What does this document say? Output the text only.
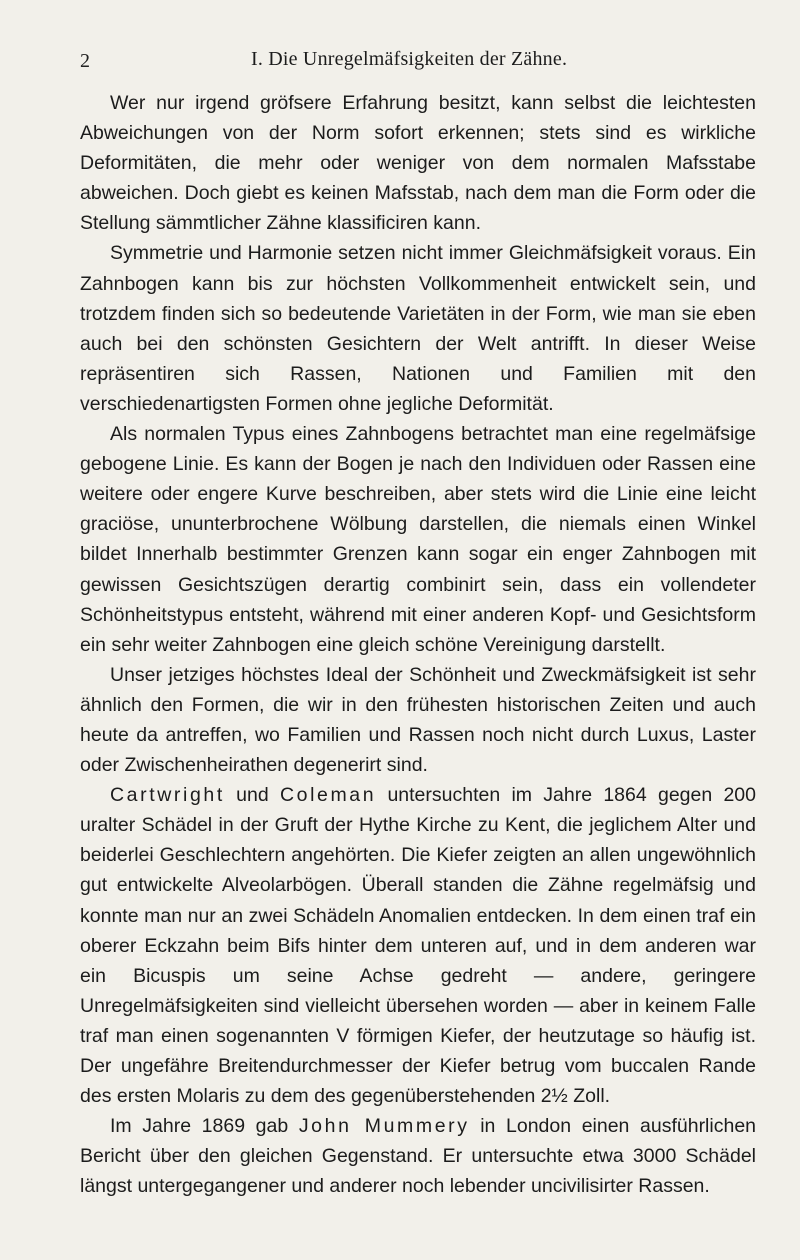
2	I. Die Unregelmäfsigkeiten der Zähne.

Wer nur irgend gröfsere Erfahrung besitzt, kann selbst die leichtesten Abweichungen von der Norm sofort erkennen; stets sind es wirkliche Deformitäten, die mehr oder weniger von dem normalen Mafsstabe abweichen. Doch giebt es keinen Mafsstab, nach dem man die Form oder die Stellung sämmtlicher Zähne klassificiren kann.

Symmetrie und Harmonie setzen nicht immer Gleichmäfsigkeit voraus. Ein Zahnbogen kann bis zur höchsten Vollkommenheit entwickelt sein, und trotzdem finden sich so bedeutende Varietäten in der Form, wie man sie eben auch bei den schönsten Gesichtern der Welt antrifft. In dieser Weise repräsentiren sich Rassen, Nationen und Familien mit den verschiedenartigsten Formen ohne jegliche Deformität.

Als normalen Typus eines Zahnbogens betrachtet man eine regelmäfsige gebogene Linie. Es kann der Bogen je nach den Individuen oder Rassen eine weitere oder engere Kurve beschreiben, aber stets wird die Linie eine leicht graciöse, ununterbrochene Wölbung darstellen, die niemals einen Winkel bildet Innerhalb bestimmter Grenzen kann sogar ein enger Zahnbogen mit gewissen Gesichtszügen derartig combinirt sein, dass ein vollendeter Schönheitstypus entsteht, während mit einer anderen Kopf- und Gesichtsform ein sehr weiter Zahnbogen eine gleich schöne Vereinigung darstellt.

Unser jetziges höchstes Ideal der Schönheit und Zweckmäfsigkeit ist sehr ähnlich den Formen, die wir in den frühesten historischen Zeiten und auch heute da antreffen, wo Familien und Rassen noch nicht durch Luxus, Laster oder Zwischenheirathen degenerirt sind.

Cartwright und Coleman untersuchten im Jahre 1864 gegen 200 uralter Schädel in der Gruft der Hythe Kirche zu Kent, die jeglichem Alter und beiderlei Geschlechtern angehörten. Die Kiefer zeigten an allen ungewöhnlich gut entwickelte Alveolarbögen. Überall standen die Zähne regelmäfsig und konnte man nur an zwei Schädeln Anomalien entdecken. In dem einen traf ein oberer Eckzahn beim Bifs hinter dem unteren auf, und in dem anderen war ein Bicuspis um seine Achse gedreht — andere, geringere Unregelmäfsigkeiten sind vielleicht übersehen worden — aber in keinem Falle traf man einen sogenannten V förmigen Kiefer, der heutzutage so häufig ist. Der ungefähre Breitendurchmesser der Kiefer betrug vom buccalen Rande des ersten Molaris zu dem des gegenüberstehenden 2½ Zoll.

Im Jahre 1869 gab John Mummery in London einen ausführlichen Bericht über den gleichen Gegenstand. Er untersuchte etwa 3000 Schädel längst untergegangener und anderer noch lebender uncivilisirter Rassen.
